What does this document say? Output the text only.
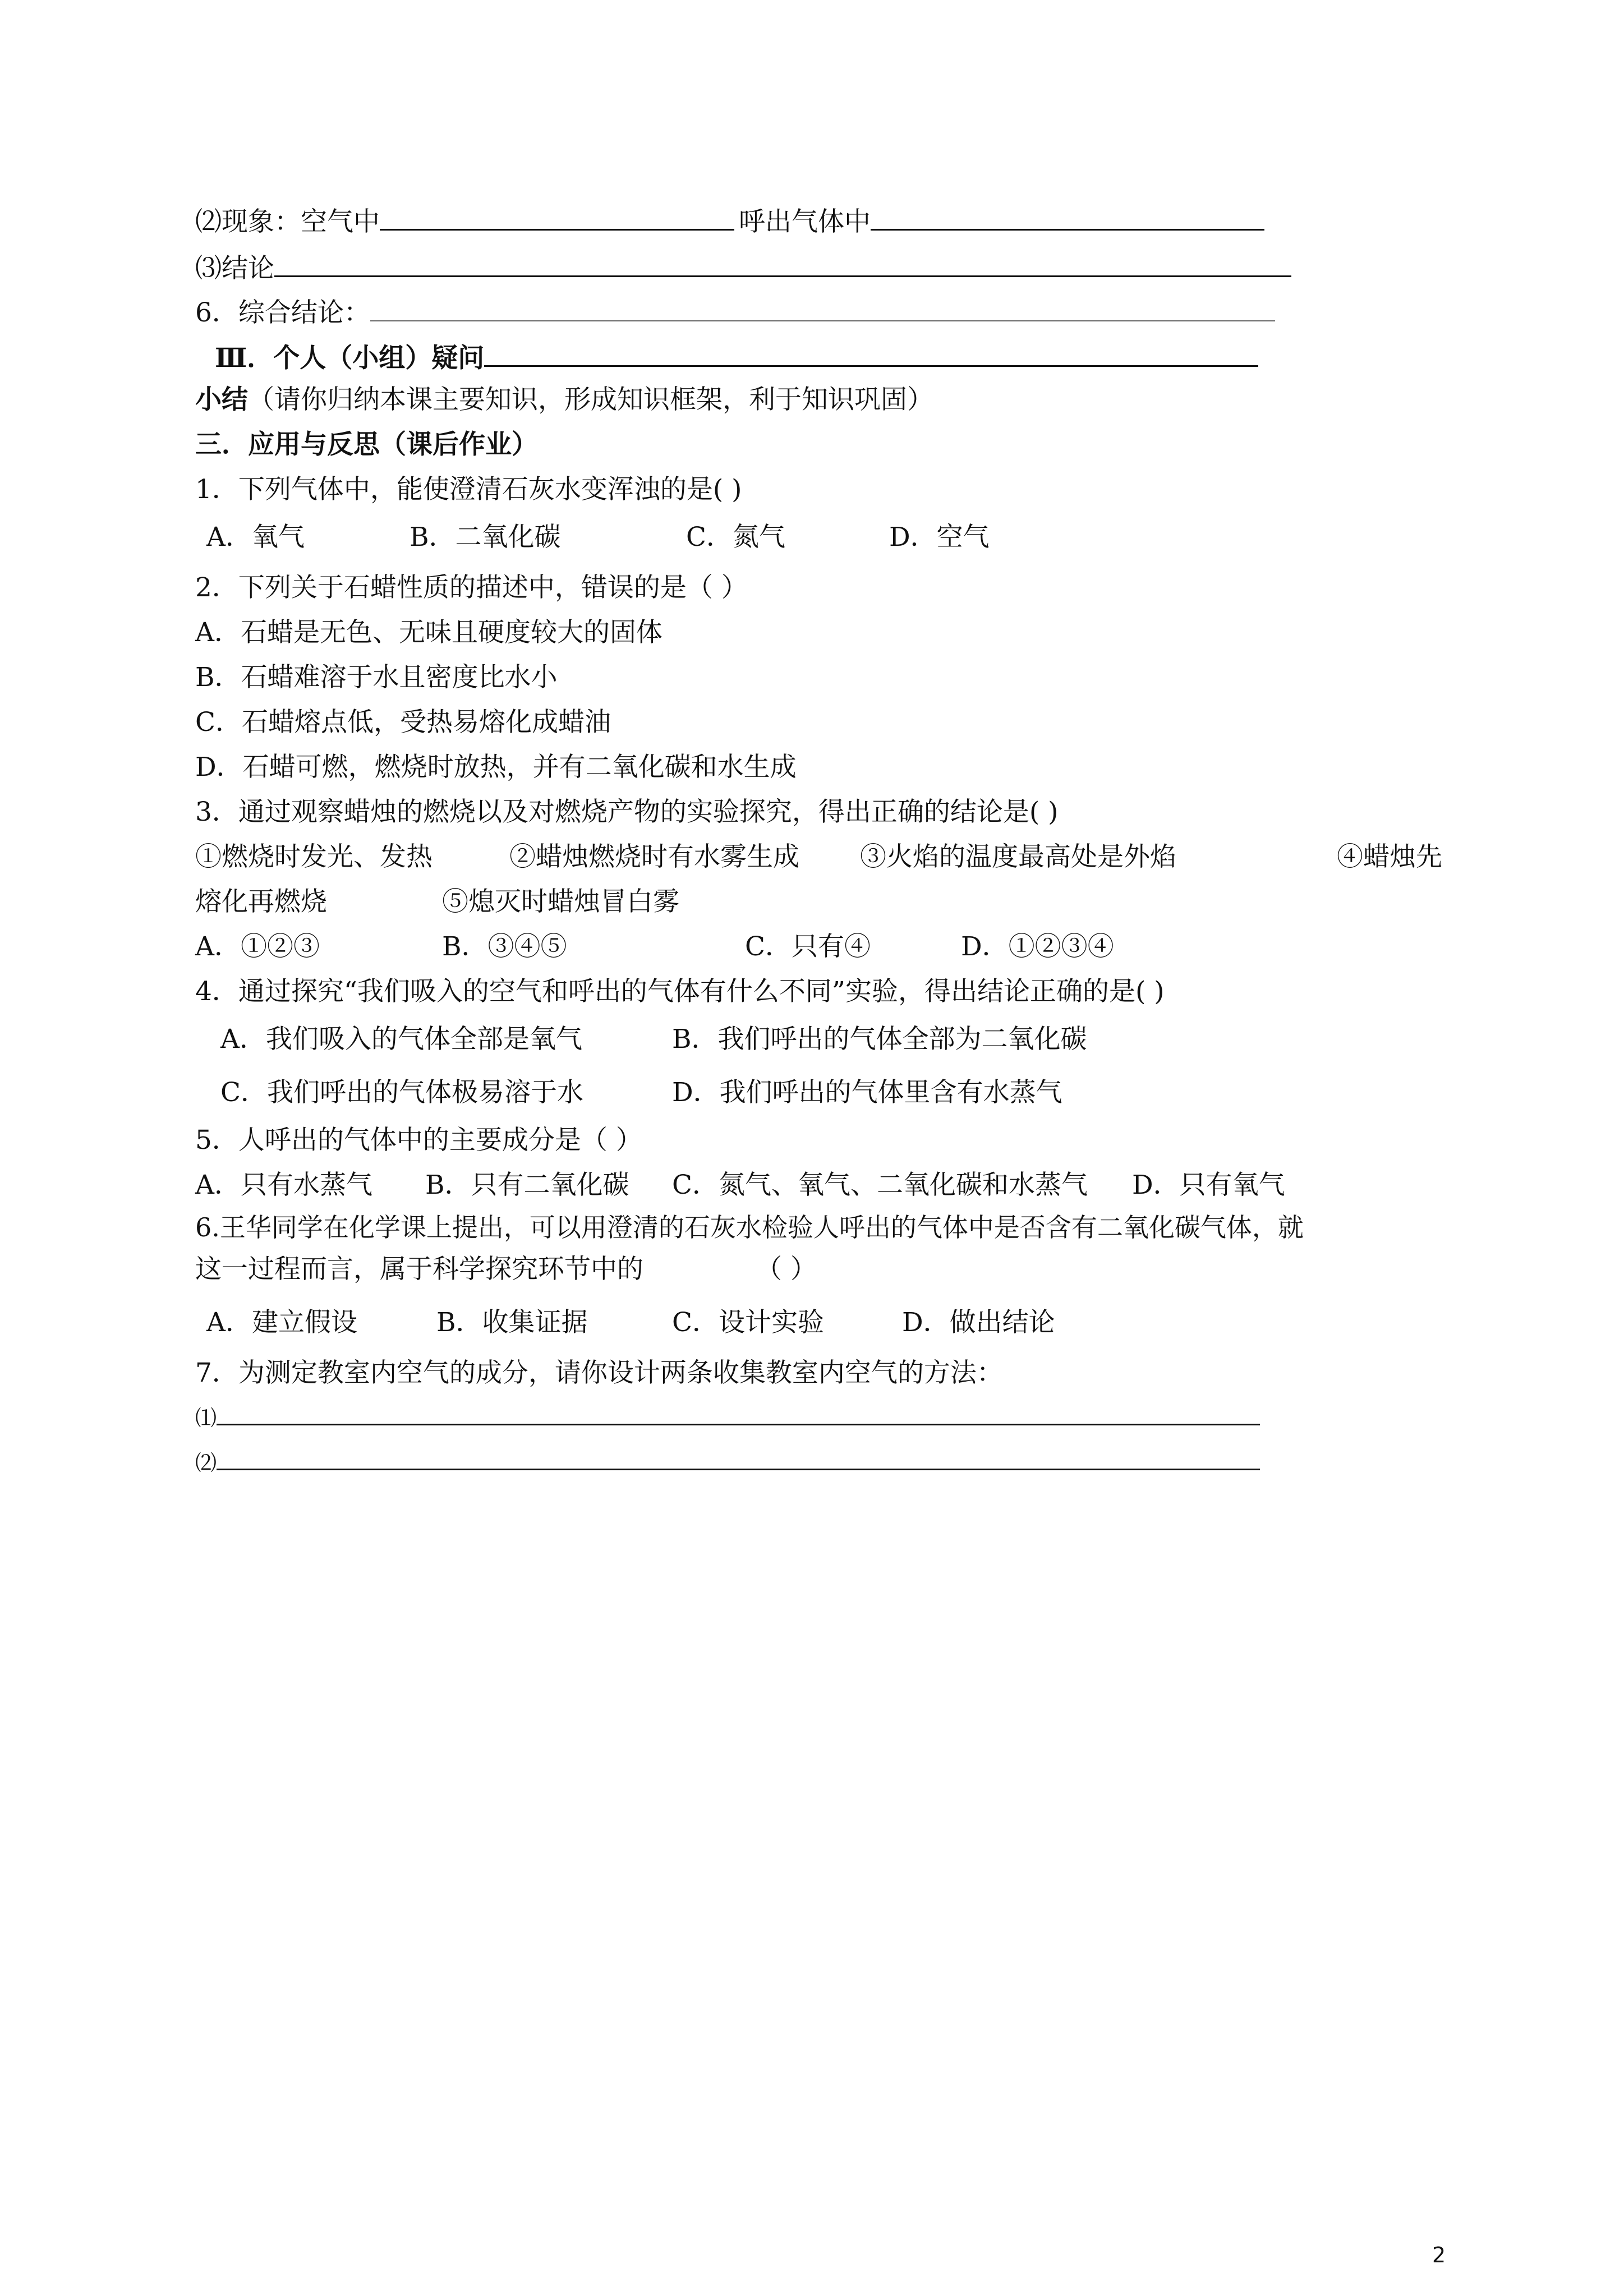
⑵现象：空气中	呼出气体中
⑶结论
6．综合结论：
Ⅲ．个人（小组）疑问
小结（请你归纳本课主要知识，形成知识框架，利于知识巩固）
三．应用与反思（课后作业）
1．下列气体中，能使澄清石灰水变浑浊的是( )
A．氧气	B．二氧化碳	C．氮气	D．空气
2．下列关于石蜡性质的描述中，错误的是（ ）
A．石蜡是无色、无味且硬度较大的固体
B．石蜡难溶于水且密度比水小
C．石蜡熔点低，受热易熔化成蜡油
D．石蜡可燃，燃烧时放热，并有二氧化碳和水生成
3．通过观察蜡烛的燃烧以及对燃烧产物的实验探究，得出正确的结论是( )
①燃烧时发光、发热	②蜡烛燃烧时有水雾生成 ③火焰的温度最高处是外焰	④蜡烛先
熔化再燃烧	⑤熄灭时蜡烛冒白雾
A．①②③	B．③④⑤	C．只有④	D．①②③④
4．通过探究“我们吸入的空气和呼出的气体有什么不同”实验，得出结论正确的是( )
A．我们吸入的气体全部是氧气	B．我们呼出的气体全部为二氧化碳
C．我们呼出的气体极易溶于水	D．我们呼出的气体里含有水蒸气
5．人呼出的气体中的主要成分是（ ）
A．只有水蒸气 B．只有二氧化碳 C．氮气、氧气、二氧化碳和水蒸气 D．只有氧气
6.王华同学在化学课上提出，可以用澄清的石灰水检验人呼出的气体中是否含有二氧化碳气体，就
这一过程而言，属于科学探究环节中的	（ ）
A．建立假设	B．收集证据	C．设计实验	D．做出结论
7．为测定教室内空气的成分，请你设计两条收集教室内空气的方法：
⑴
⑵
2
